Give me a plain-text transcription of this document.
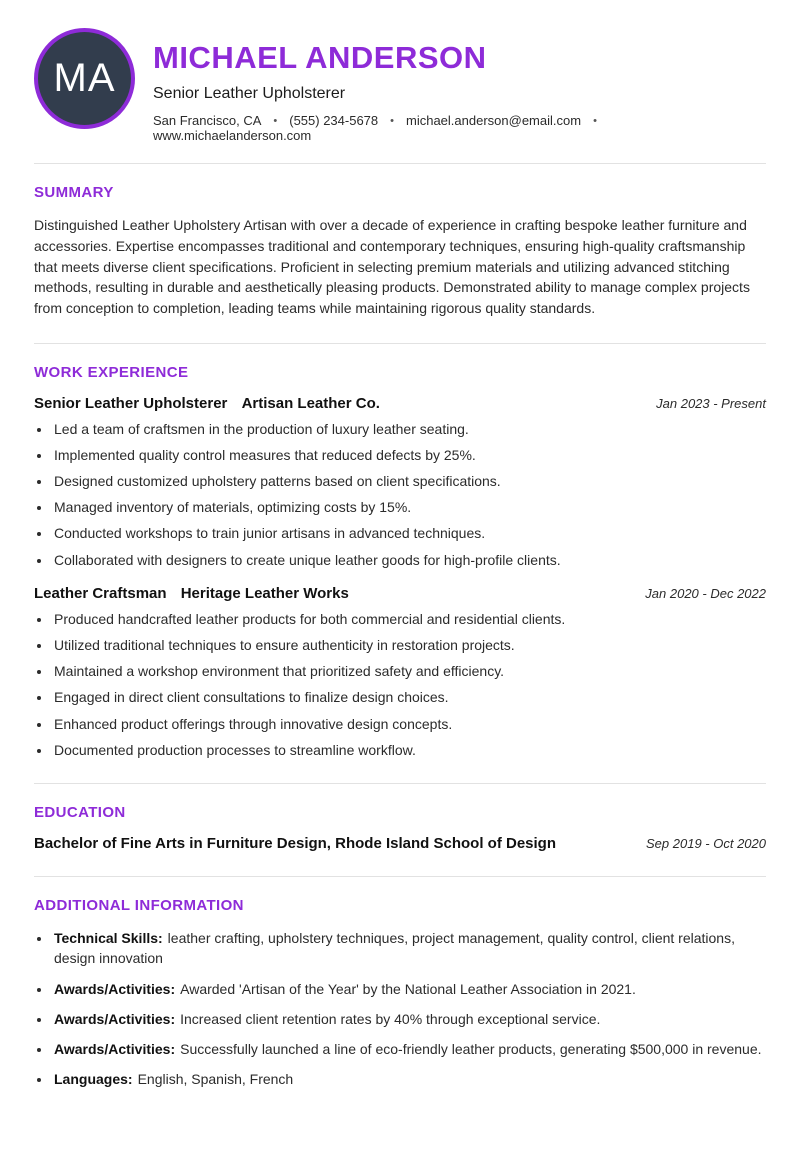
MA MICHAEL ANDERSON
Senior Leather Upholsterer
San Francisco, CA • (555) 234-5678 • michael.anderson@email.com •
www.michaelanderson.com
SUMMARY

Distinguished Leather Upholstery Artisan with over a decade of experience in crafting bespoke leather furniture and accessories. Expertise encompasses traditional and contemporary techniques, ensuring high-quality craftsmanship that meets diverse client specifications. Proficient in selecting premium materials and utilizing advanced stitching methods, resulting in durable and aesthetically pleasing products. Demonstrated ability to manage complex projects from conception to completion, leading teams while maintaining rigorous quality standards.

WORK EXPERIENCE
Senior Leather Upholsterer Artisan Leather Co.	Jan 2023 - Present
• Led a team of craftsmen in the production of luxury leather seating.
• Implemented quality control measures that reduced defects by 25%.
• Designed customized upholstery patterns based on client specifications.
• Managed inventory of materials, optimizing costs by 15%.
• Conducted workshops to train junior artisans in advanced techniques.
• Collaborated with designers to create unique leather goods for high-profile clients.
Leather Craftsman Heritage Leather Works	Jan 2020 - Dec 2022
• Produced handcrafted leather products for both commercial and residential clients.
• Utilized traditional techniques to ensure authenticity in restoration projects.
• Maintained a workshop environment that prioritized safety and efficiency.
• Engaged in direct client consultations to finalize design choices.
• Enhanced product offerings through innovative design concepts.
• Documented production processes to streamline workflow.
EDUCATION
Bachelor of Fine Arts in Furniture Design, Rhode Island School of Design	Sep 2019 - Oct 2020
ADDITIONAL INFORMATION
• Technical Skills: leather crafting, upholstery techniques, project management, quality control, client relations, design innovation
• Awards/Activities: Awarded 'Artisan of the Year' by the National Leather Association in 2021.
• Awards/Activities: Increased client retention rates by 40% through exceptional service.
• Awards/Activities: Successfully launched a line of eco-friendly leather products, generating $500,000 in revenue.
• Languages: English, Spanish, French
